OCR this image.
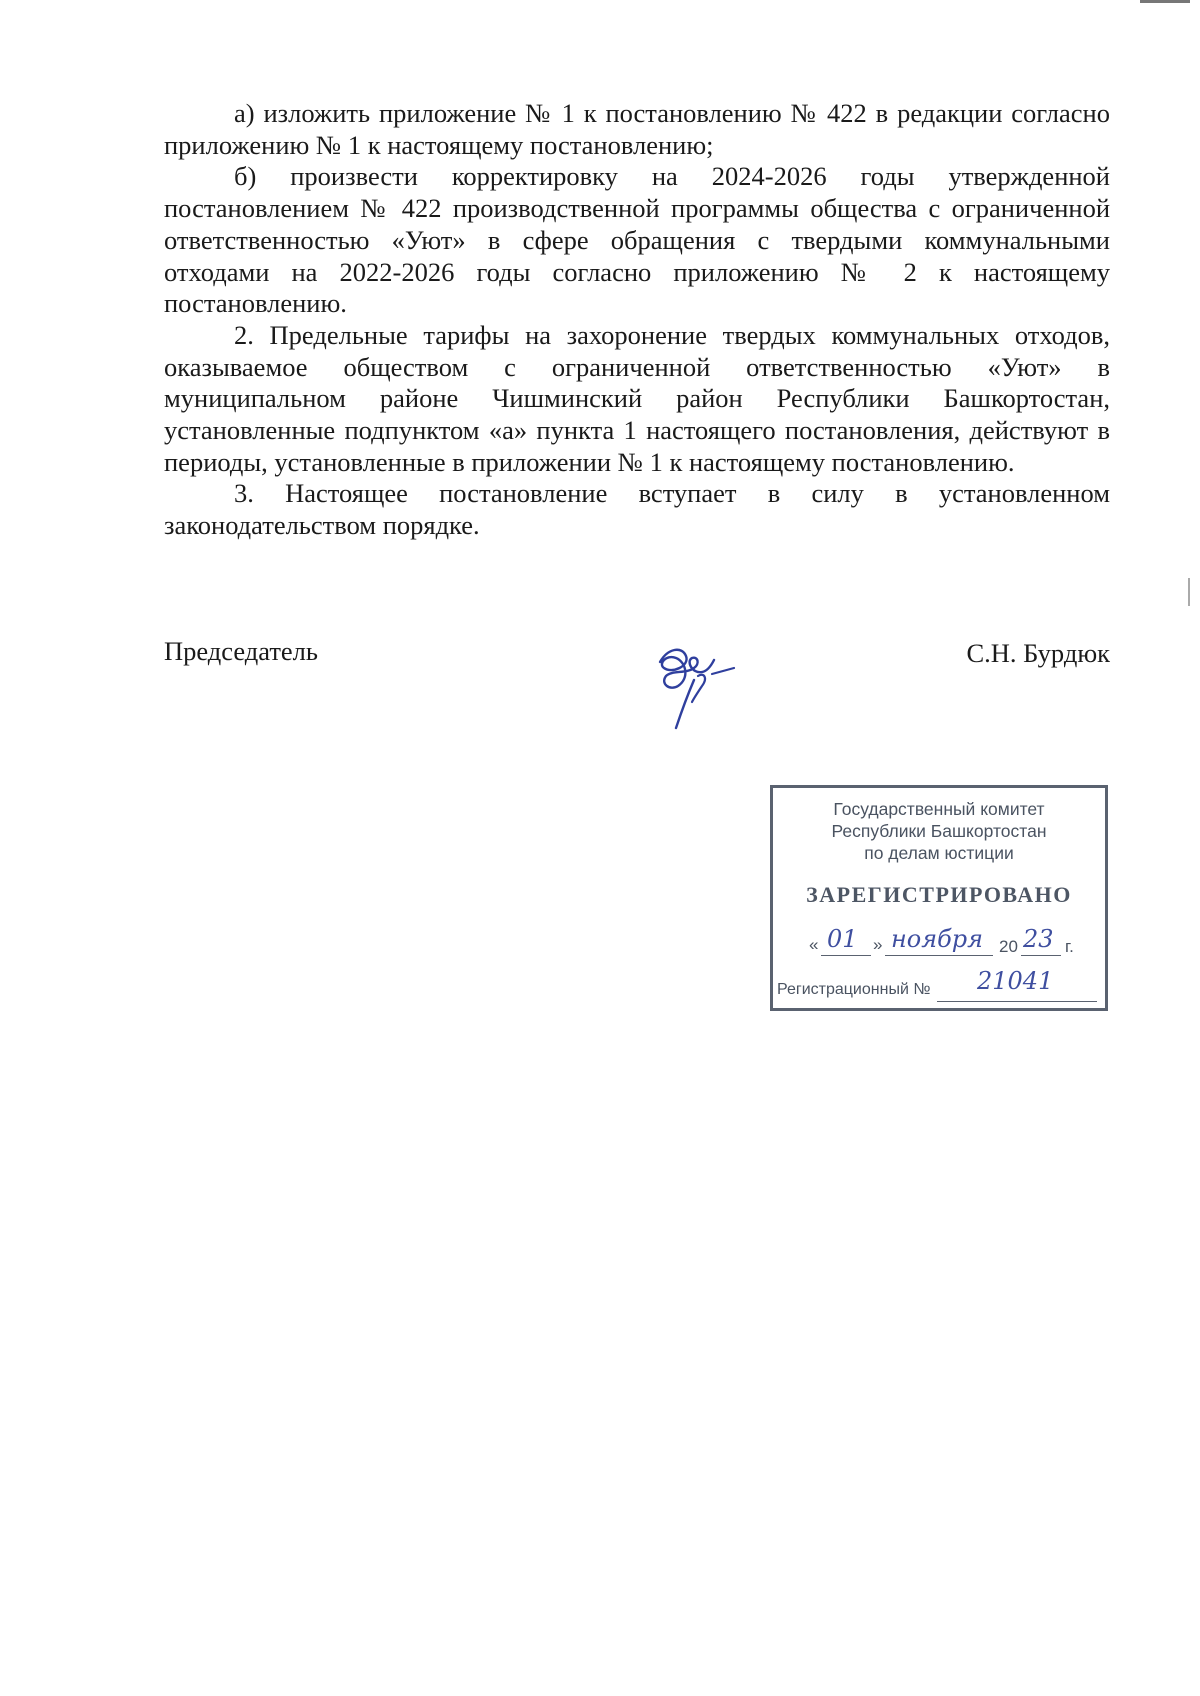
а) изложить приложение № 1 к постановлению № 422 в редакции согласно приложению № 1 к настоящему постановлению;

б) произвести корректировку на 2024-2026 годы утвержденной постановлением № 422 производственной программы общества с ограниченной ответственностью «Уют» в сфере обращения с твердыми коммунальными отходами на 2022-2026 годы согласно приложению № 2 к настоящему постановлению.

2. Предельные тарифы на захоронение твердых коммунальных отходов, оказываемое обществом с ограниченной ответственностью «Уют» в муниципальном районе Чишминский район Республики Башкортостан, установленные подпунктом «а» пункта 1 настоящего постановления, действуют в периоды, установленные в приложении № 1 к настоящему постановлению.

3. Настоящее постановление вступает в силу в установленном законодательством порядке.

Председатель	С.Н. Бурдюк
Государственный комитет
Республики Башкортостан
по делам юстиции
ЗАРЕГИСТРИРОВАНО
« 01 » ноября 20 23 г.
Регистрационный № 21041
